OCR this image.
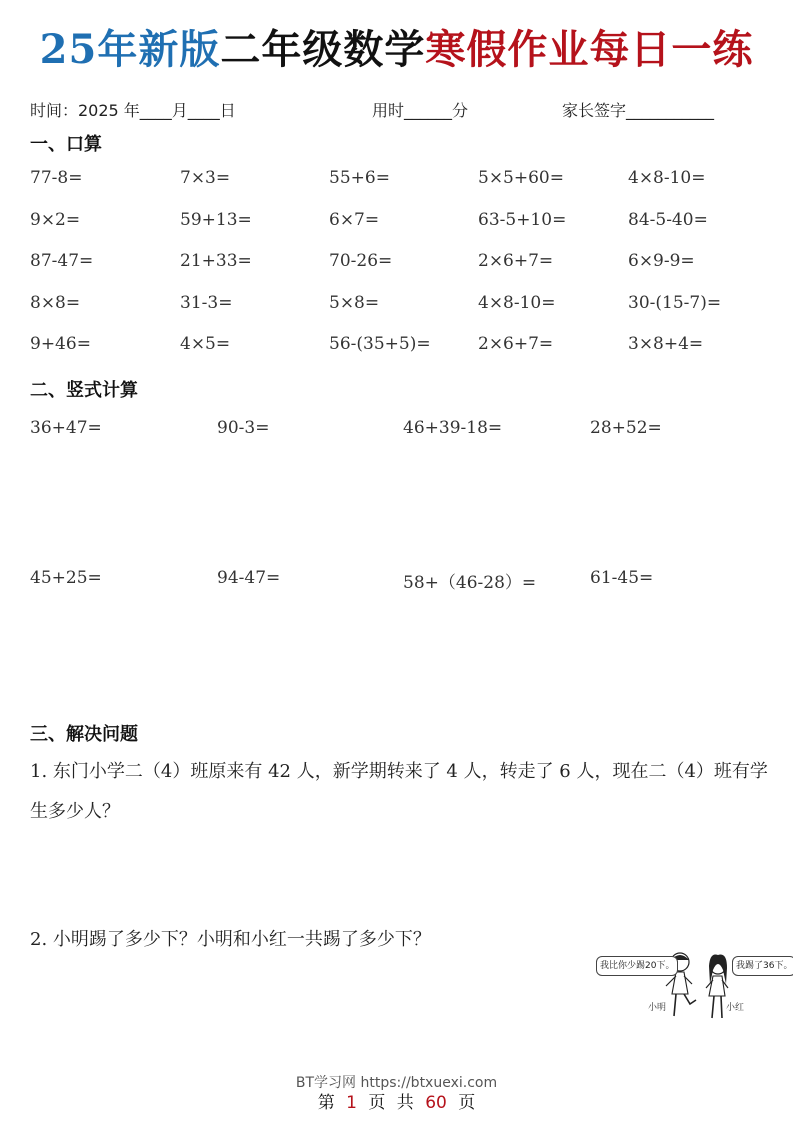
25年新版二年级数学寒假作业每日一练
时间：2025 年____月____日	用时______分	家长签字___________
一、口算
77-8=	7×3=	55+6=	5×5+60=	4×8-10=
9×2=	59+13=	6×7=	63-5+10=	84-5-40=
87-47=	21+33=	70-26=	2×6+7=	6×9-9=
8×8=	31-3=	5×8=	4×8-10=	30-(15-7)=
9+46=	4×5=	56-(35+5)=	2×6+7=	3×8+4=
二、竖式计算
36+47=	90-3=	46+39-18=	28+52=
45+25=	94-47=	58+（46-28）=	61-45=
三、解决问题
1. 东门小学二（4）班原来有 42 人，新学期转来了 4 人，转走了 6 人，现在二（4）班有学生多少人？
2. 小明踢了多少下？小明和小红一共踢了多少下？
我比你少踢20下。	我踢了36下。
小明	小红
BT学习网 https://btxuexi.com
第 1 页 共 60 页
